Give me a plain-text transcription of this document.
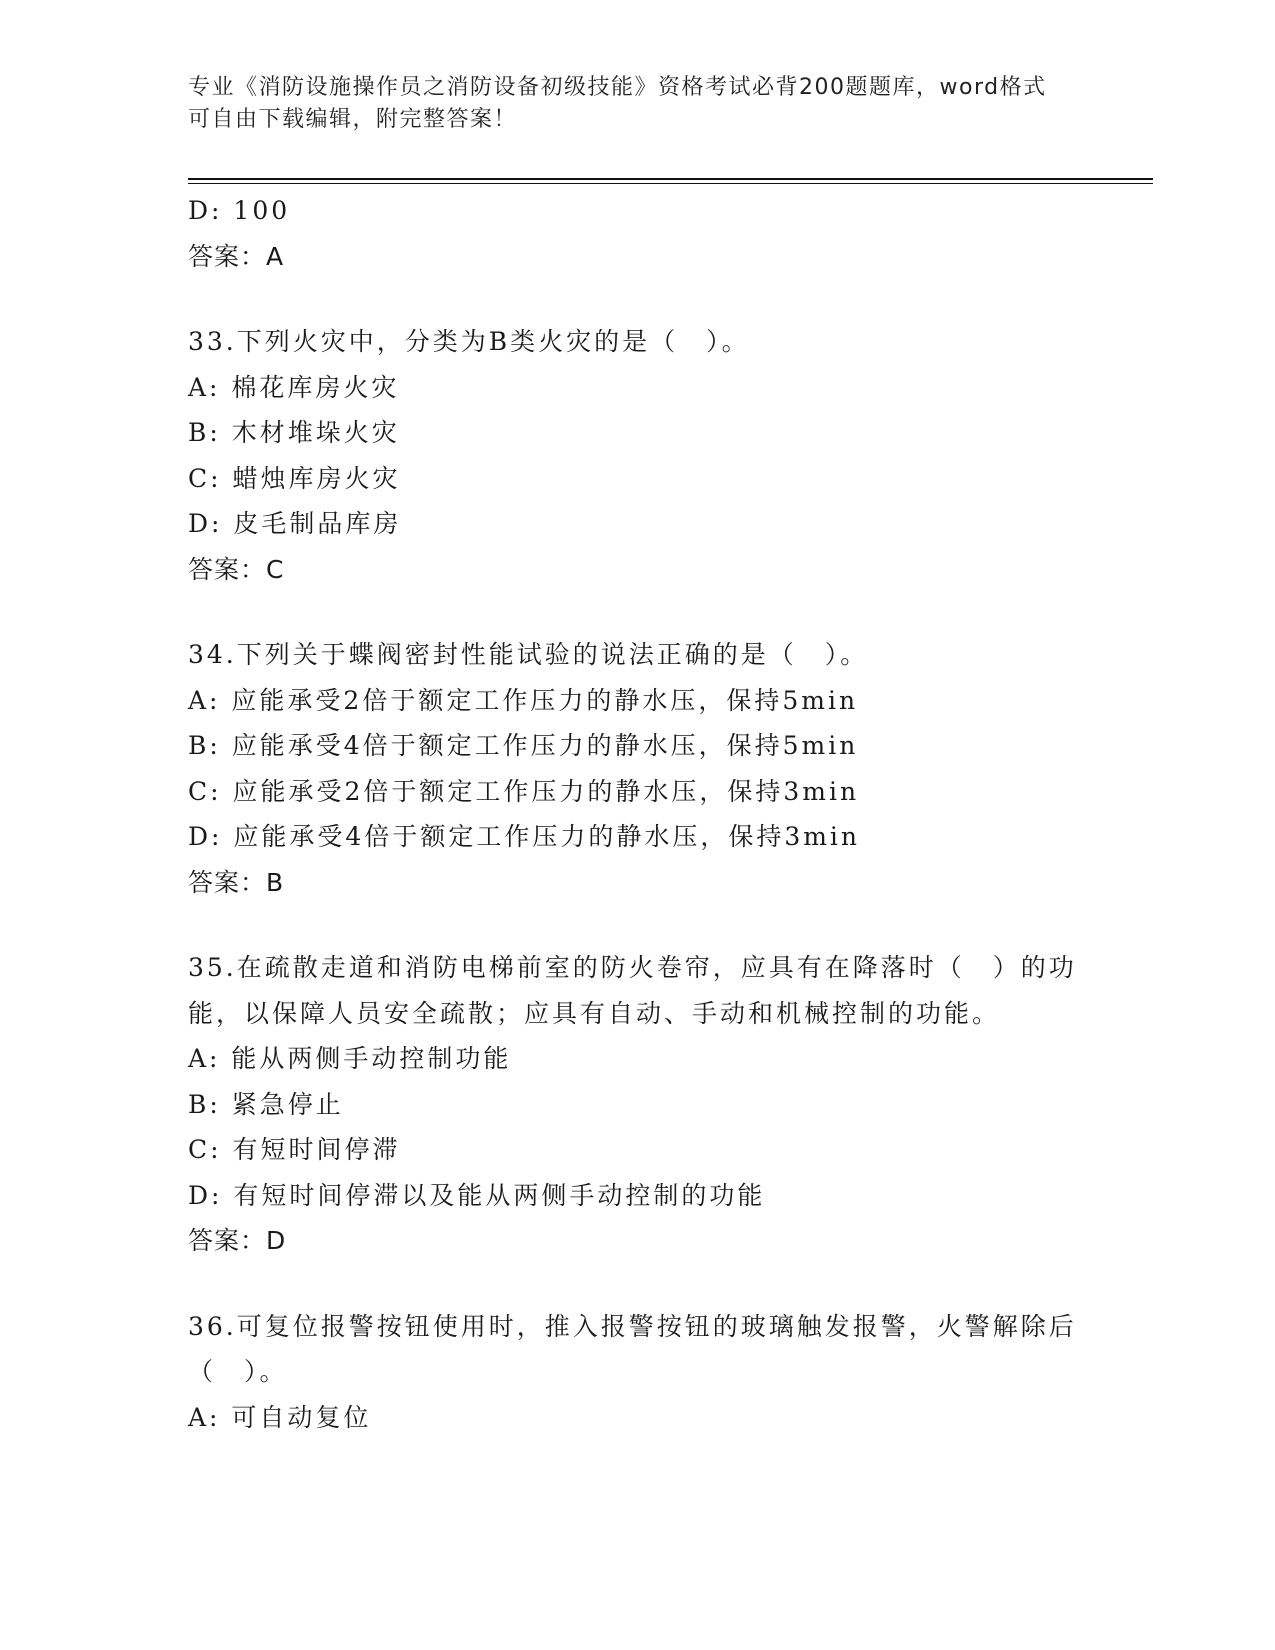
专业《消防设施操作员之消防设备初级技能》资格考试必背200题题库，word格式可自由下载编辑，附完整答案！
D: 100
答案：A
33.下列火灾中，分类为B类火灾的是（　）。
A: 棉花库房火灾
B: 木材堆垛火灾
C: 蜡烛库房火灾
D: 皮毛制品库房
答案：C
34.下列关于蝶阀密封性能试验的说法正确的是（　）。
A: 应能承受2倍于额定工作压力的静水压，保持5min
B: 应能承受4倍于额定工作压力的静水压，保持5min
C: 应能承受2倍于额定工作压力的静水压，保持3min
D: 应能承受4倍于额定工作压力的静水压，保持3min
答案：B
35.在疏散走道和消防电梯前室的防火卷帘，应具有在降落时（　）的功能，以保障人员安全疏散；应具有自动、手动和机械控制的功能。
A: 能从两侧手动控制功能
B: 紧急停止
C: 有短时间停滞
D: 有短时间停滞以及能从两侧手动控制的功能
答案：D
36.可复位报警按钮使用时，推入报警按钮的玻璃触发报警，火警解除后（　）。
A: 可自动复位
